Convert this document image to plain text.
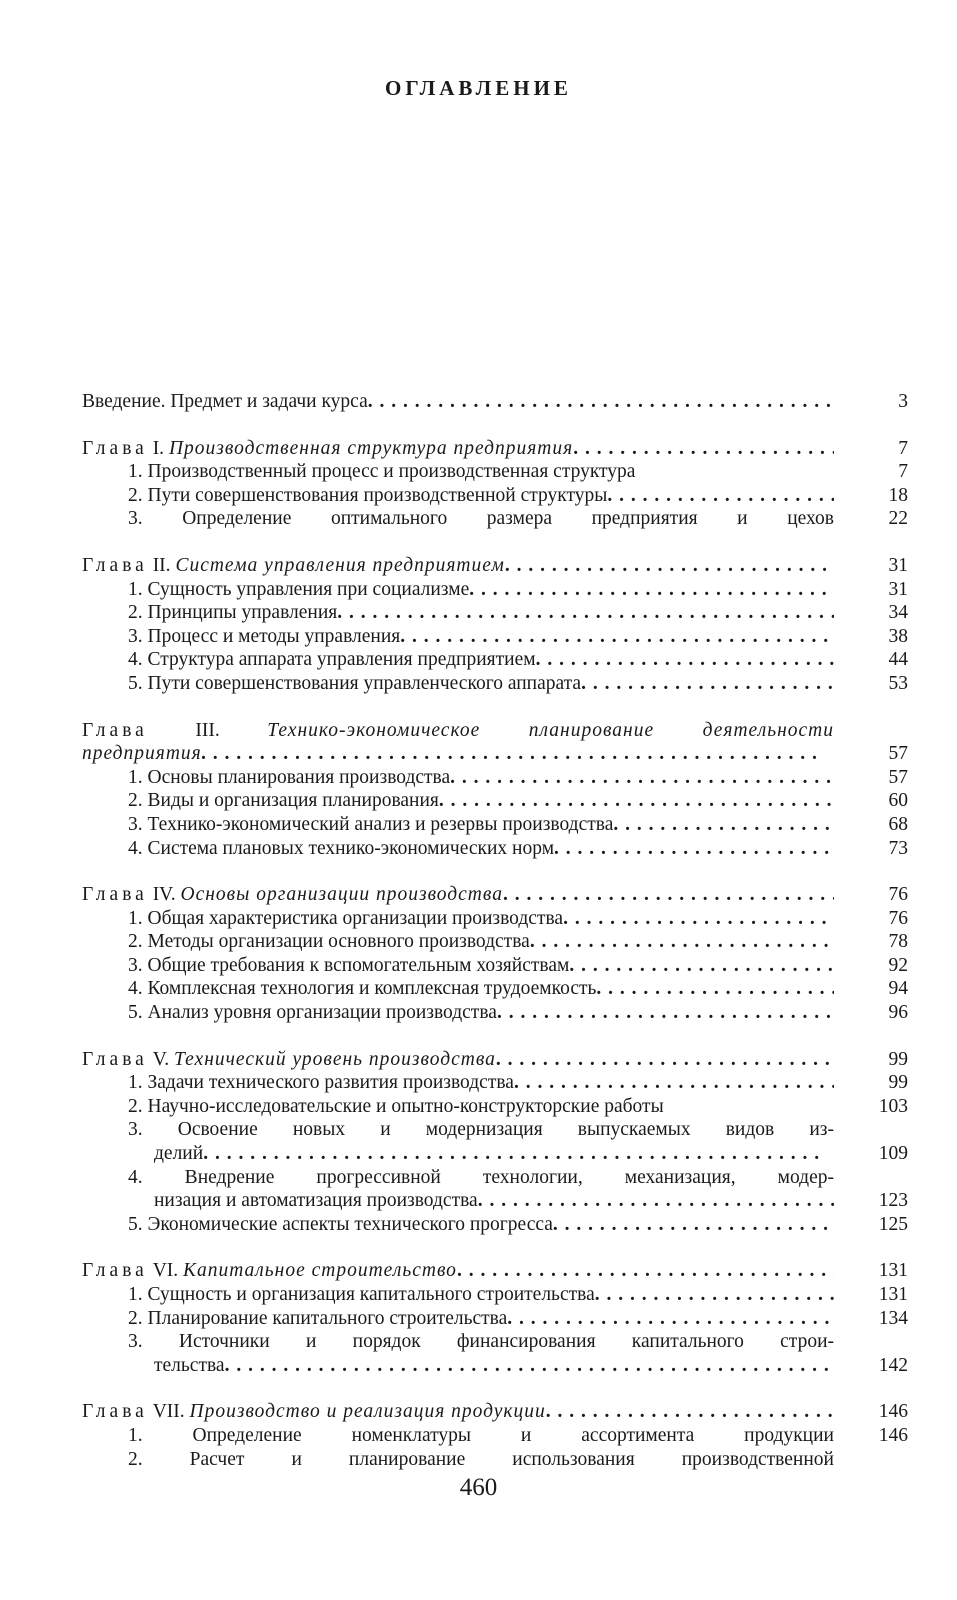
ОГЛАВЛЕНИЕ
Введение. Предмет и задачи курса . . .	3
Глава I. Производственная структура предприятия . . .	7
1. Производственный процесс и производственная структура	7
2. Пути совершенствования производственной структуры . . .	18
3. Определение оптимального размера предприятия и цехов	22
Глава II. Система управления предприятием . . .	31
1. Сущность управления при социализме . . .	31
2. Принципы управления . . .	34
3. Процесс и методы управления . . .	38
4. Структура аппарата управления предприятием . . .	44
5. Пути совершенствования управленческого аппарата . . .	53
Глава III. Технико-экономическое планирование деятельности
предприятия . . .	57
1. Основы планирования производства . . .	57
2. Виды и организация планирования . . .	60
3. Технико-экономический анализ и резервы производства . . .	68
4. Система плановых технико-экономических норм . . .	73
Глава IV. Основы организации производства . . .	76
1. Общая характеристика организации производства . . .	76
2. Методы организации основного производства . . .	78
3. Общие требования к вспомогательным хозяйствам . . .	92
4. Комплексная технология и комплексная трудоемкость . . .	94
5. Анализ уровня организации производства . . .	96
Глава V. Технический уровень производства . . .	99
1. Задачи технического развития производства . . .	99
2. Научно-исследовательские и опытно-конструкторские работы	103
3. Освоение новых и модернизация выпускаемых видов из-
делий . . .	109
4. Внедрение прогрессивной технологии, механизация, модер-
низация и автоматизация производства . . .	123
5. Экономические аспекты технического прогресса . . .	125
Глава VI. Капитальное строительство . . .	131
1. Сущность и организация капитального строительства . . .	131
2. Планирование капитального строительства . . .	134
3. Источники и порядок финансирования капитального строи-
тельства . . .	142
Глава VII. Производство и реализация продукции . . .	146
1. Определение номенклатуры и ассортимента продукции	146
2. Расчет и планирование использования производственной
460
